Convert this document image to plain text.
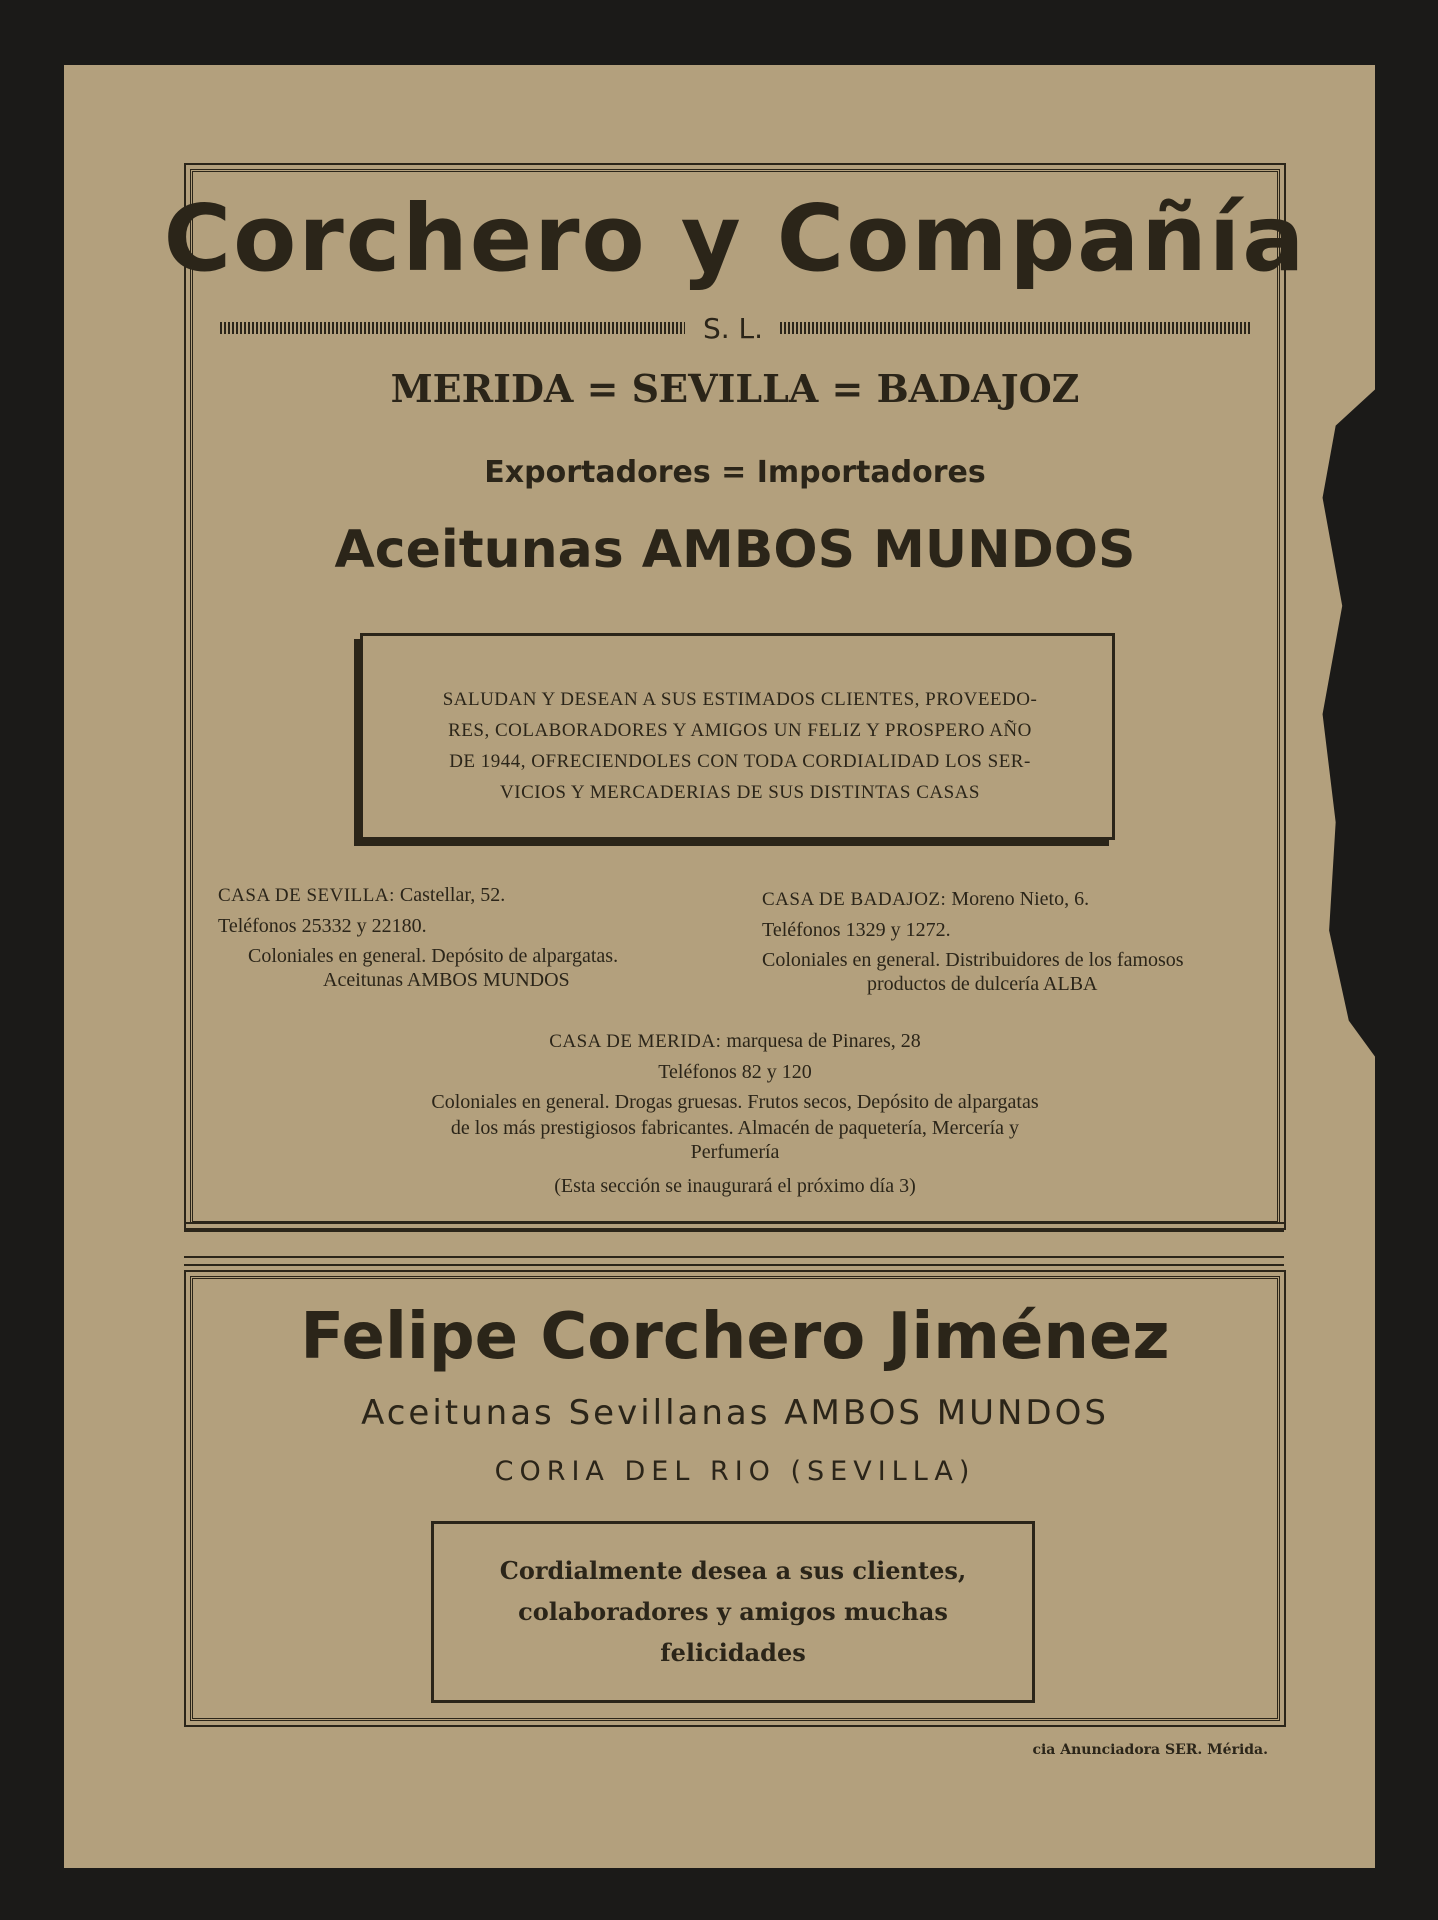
Corchero y Compañía
S. L.
MERIDA = SEVILLA = BADAJOZ
Exportadores = Importadores
Aceitunas AMBOS MUNDOS
SALUDAN Y DESEAN A SUS ESTIMADOS CLIENTES, PROVEEDO-
RES, COLABORADORES Y AMIGOS UN FELIZ Y PROSPERO AÑO
DE 1944, OFRECIENDOLES CON TODA CORDIALIDAD LOS SER-
VICIOS Y MERCADERIAS DE SUS DISTINTAS CASAS
CASA DE SEVILLA: Castellar, 52.
Teléfonos 25332 y 22180.
Coloniales en general. Depósito de alpargatas.
Aceitunas AMBOS MUNDOS
CASA DE BADAJOZ: Moreno Nieto, 6.
Teléfonos 1329 y 1272.
Coloniales en general. Distribuidores de los famosos
productos de dulcería ALBA
CASA DE MERIDA: marquesa de Pinares, 28
Teléfonos 82 y 120
Coloniales en general. Drogas gruesas. Frutos secos, Depósito de alpargatas
de los más prestigiosos fabricantes. Almacén de paquetería, Mercería y
Perfumería
(Esta sección se inaugurará el próximo día 3)
Felipe Corchero Jiménez
Aceitunas Sevillanas AMBOS MUNDOS
CORIA DEL RIO (SEVILLA)
Cordialmente desea a sus clientes,
colaboradores y amigos muchas
felicidades
cia Anunciadora SER. Mérida.
